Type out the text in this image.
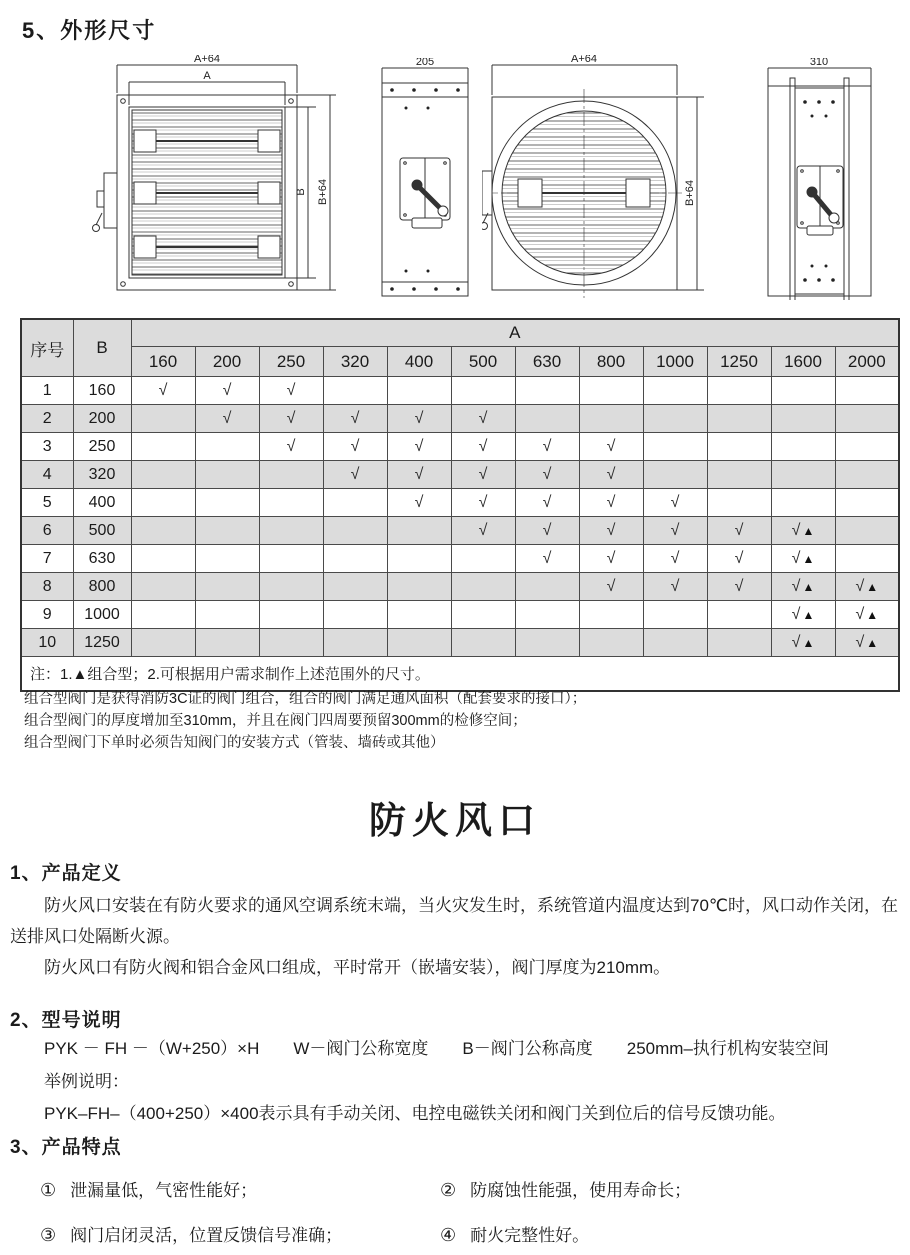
5、外形尺寸
A+64
A
B B+64
205	A+64
B+64
310
序号	B	A											
		160	200	250	320	400	500	630	800	1000	1250	1600	2000
1	160	√	√	√									
2	200		√	√	√	√	√						
3	250			√	√	√	√	√	√				
4	320				√	√	√	√	√				
5	400					√	√	√	√	√			
6	500						√	√	√	√	√	√ ▲	
7	630							√	√	√	√	√ ▲	
8	800								√	√	√	√ ▲	√ ▲
9	1000											√ ▲	√ ▲
10	1250											√ ▲	√ ▲
注：1.▲组合型；2.可根据用户需求制作上述范围外的尺寸。													
组合型阀门是获得消防3C证的阀门组合，组合的阀门满足通风面积（配套要求的接口）；
组合型阀门的厚度增加至310mm，并且在阀门四周要预留300mm的检修空间；
组合型阀门下单时必须告知阀门的安装方式（管装、墙砖或其他）
防火风口
1、产品定义
防火风口安装在有防火要求的通风空调系统末端，当火灾发生时，系统管道内温度达到70℃时，风口动作关闭，在送排风口处隔断火源。
防火风口有防火阀和铝合金风口组成，平时常开（嵌墙安装），阀门厚度为210mm。
2、型号说明
PYK － FH －（W+250）×H　　W－阀门公称宽度　　B－阀门公称高度　　250mm–执行机构安装空间
举例说明：
PYK–FH–（400+250）×400表示具有手动关闭、电控电磁铁关闭和阀门关到位后的信号反馈功能。
3、产品特点
① 泄漏量低，气密性能好；	② 防腐蚀性能强，使用寿命长；
③ 阀门启闭灵活，位置反馈信号准确；	④ 耐火完整性好。
